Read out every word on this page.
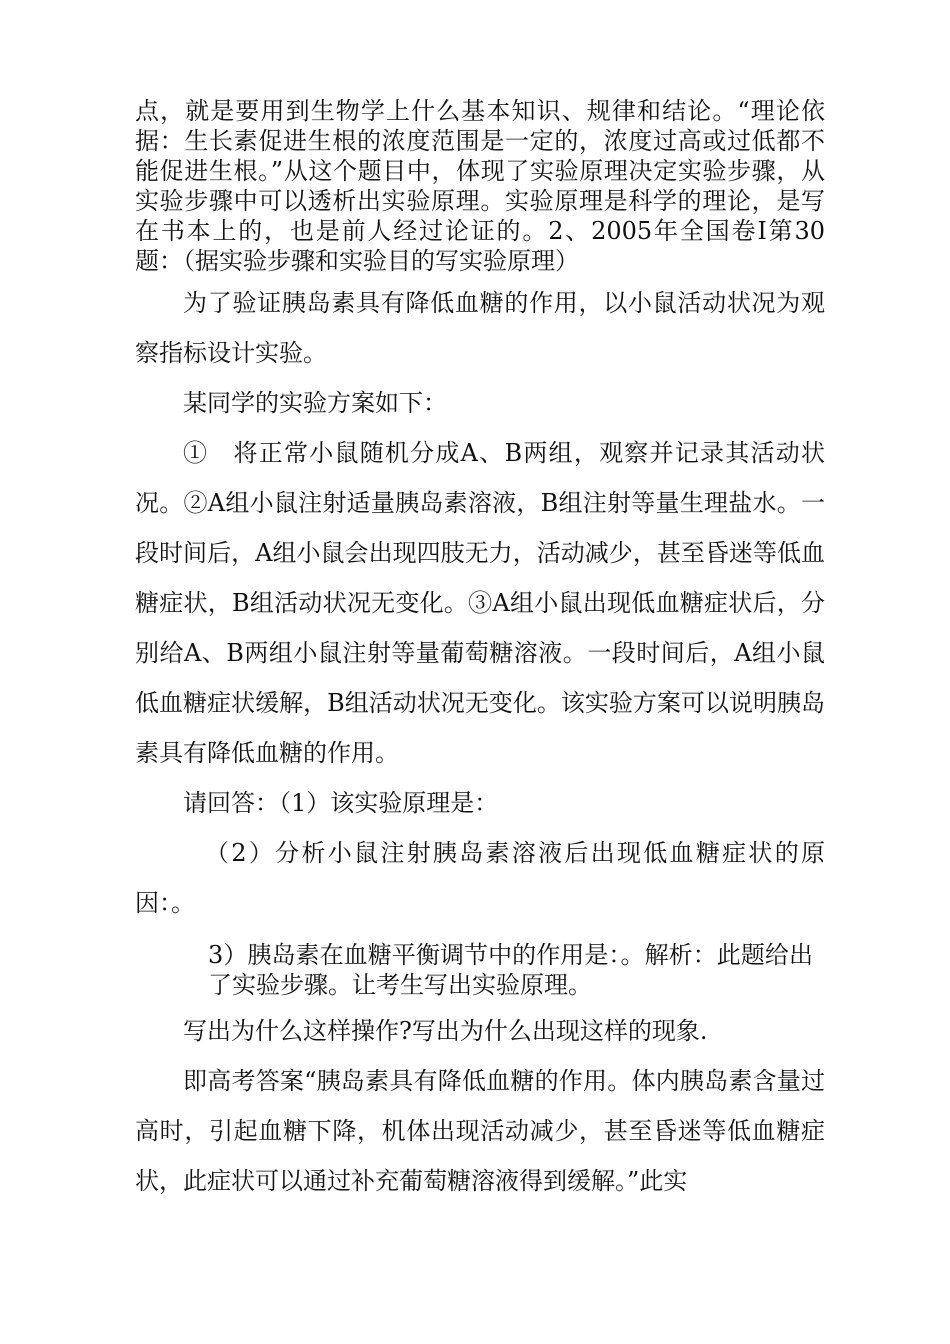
点，就是要用到生物学上什么基本知识、规律和结论。“理论依据：生长素促进生根的浓度范围是一定的，浓度过高或过低都不能促进生根。”从这个题目中，体现了实验原理决定实验步骤，从实验步骤中可以透析出实验原理。实验原理是科学的理论，是写在书本上的，也是前人经过论证的。2、2005年全国卷Ⅰ第30题：（据实验步骤和实验目的写实验原理）

为了验证胰岛素具有降低血糖的作用，以小鼠活动状况为观察指标设计实验。

某同学的实验方案如下：

①　将正常小鼠随机分成A、B两组，观察并记录其活动状况。②A组小鼠注射适量胰岛素溶液，B组注射等量生理盐水。一段时间后，A组小鼠会出现四肢无力，活动减少，甚至昏迷等低血糖症状，B组活动状况无变化。③A组小鼠出现低血糖症状后，分别给A、B两组小鼠注射等量葡萄糖溶液。一段时间后，A组小鼠低血糖症状缓解，B组活动状况无变化。该实验方案可以说明胰岛素具有降低血糖的作用。

请回答：（1）该实验原理是：

（2）分析小鼠注射胰岛素溶液后出现低血糖症状的原因：。

3）胰岛素在血糖平衡调节中的作用是：。解析：此题给出了实验步骤。让考生写出实验原理。

写出为什么这样操作?写出为什么出现这样的现象.

即高考答案“胰岛素具有降低血糖的作用。体内胰岛素含量过高时，引起血糖下降，机体出现活动减少，甚至昏迷等低血糖症状，此症状可以通过补充葡萄糖溶液得到缓解。”此实
